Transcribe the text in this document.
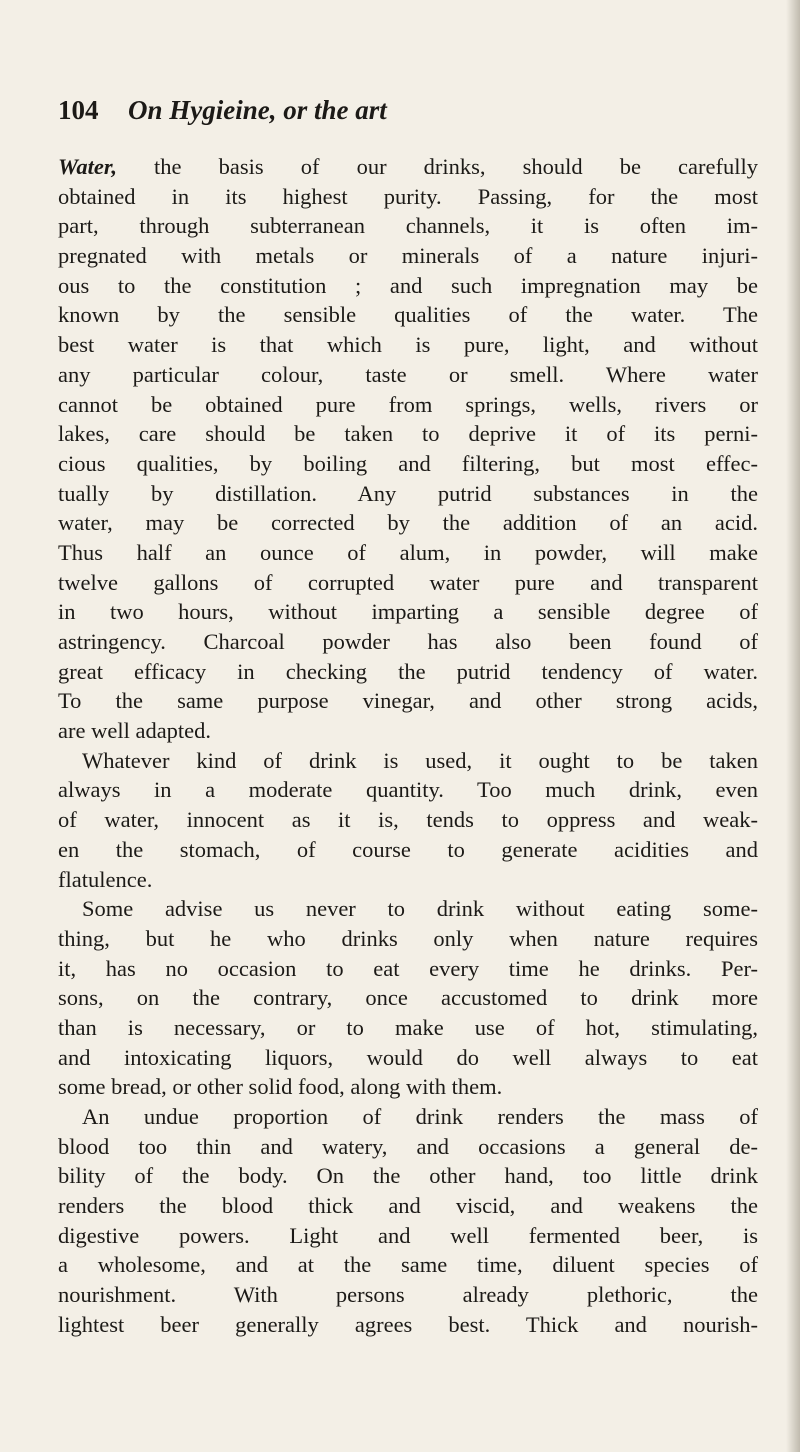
104 On Hygieine, or the art
Water, the basis of our drinks, should be carefully
obtained in its highest purity. Passing, for the most
part, through subterranean channels, it is often im-
pregnated with metals or minerals of a nature injuri-
ous to the constitution ; and such impregnation may be
known by the sensible qualities of the water. The
best water is that which is pure, light, and without
any particular colour, taste or smell. Where water
cannot be obtained pure from springs, wells, rivers or
lakes, care should be taken to deprive it of its perni-
cious qualities, by boiling and filtering, but most effec-
tually by distillation. Any putrid substances in the
water, may be corrected by the addition of an acid.
Thus half an ounce of alum, in powder, will make
twelve gallons of corrupted water pure and transparent
in two hours, without imparting a sensible degree of
astringency. Charcoal powder has also been found of
great efficacy in checking the putrid tendency of water.
To the same purpose vinegar, and other strong acids,
are well adapted.
Whatever kind of drink is used, it ought to be taken
always in a moderate quantity. Too much drink, even
of water, innocent as it is, tends to oppress and weak-
en the stomach, of course to generate acidities and
flatulence.
Some advise us never to drink without eating some-
thing, but he who drinks only when nature requires
it, has no occasion to eat every time he drinks. Per-
sons, on the contrary, once accustomed to drink more
than is necessary, or to make use of hot, stimulating,
and intoxicating liquors, would do well always to eat
some bread, or other solid food, along with them.
An undue proportion of drink renders the mass of
blood too thin and watery, and occasions a general de-
bility of the body. On the other hand, too little drink
renders the blood thick and viscid, and weakens the
digestive powers. Light and well fermented beer, is
a wholesome, and at the same time, diluent species of
nourishment. With persons already plethoric, the
lightest beer generally agrees best. Thick and nourish-
